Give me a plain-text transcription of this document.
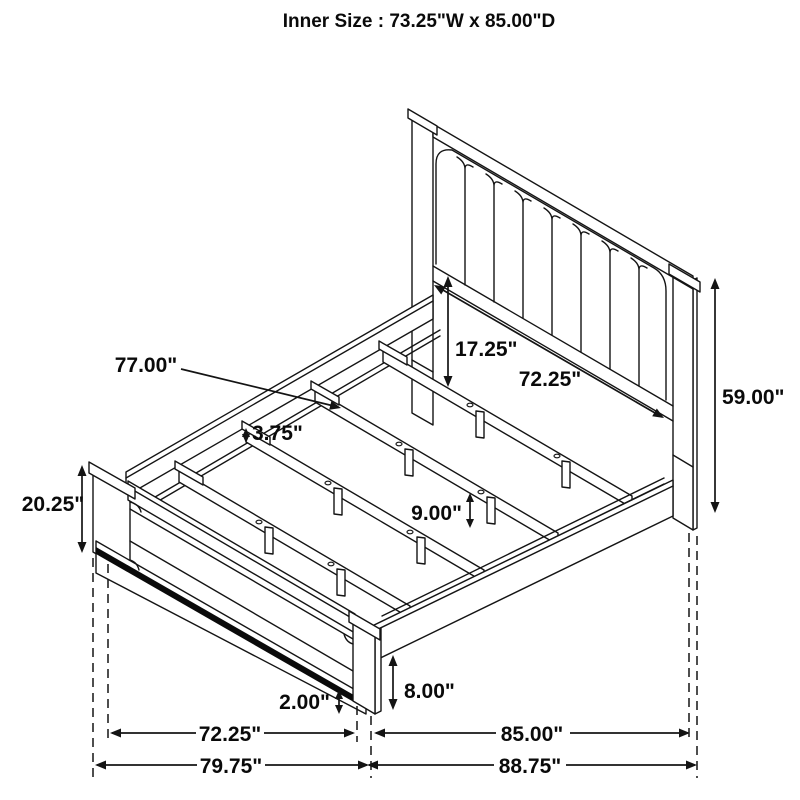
Inner Size : 73.25"W x 85.00"D
77.00"
17.25"
72.25"
59.00"
3.75"
20.25"	9.00"
2.00"	8.00"
72.25"	85.00"
79.75"	88.75"
